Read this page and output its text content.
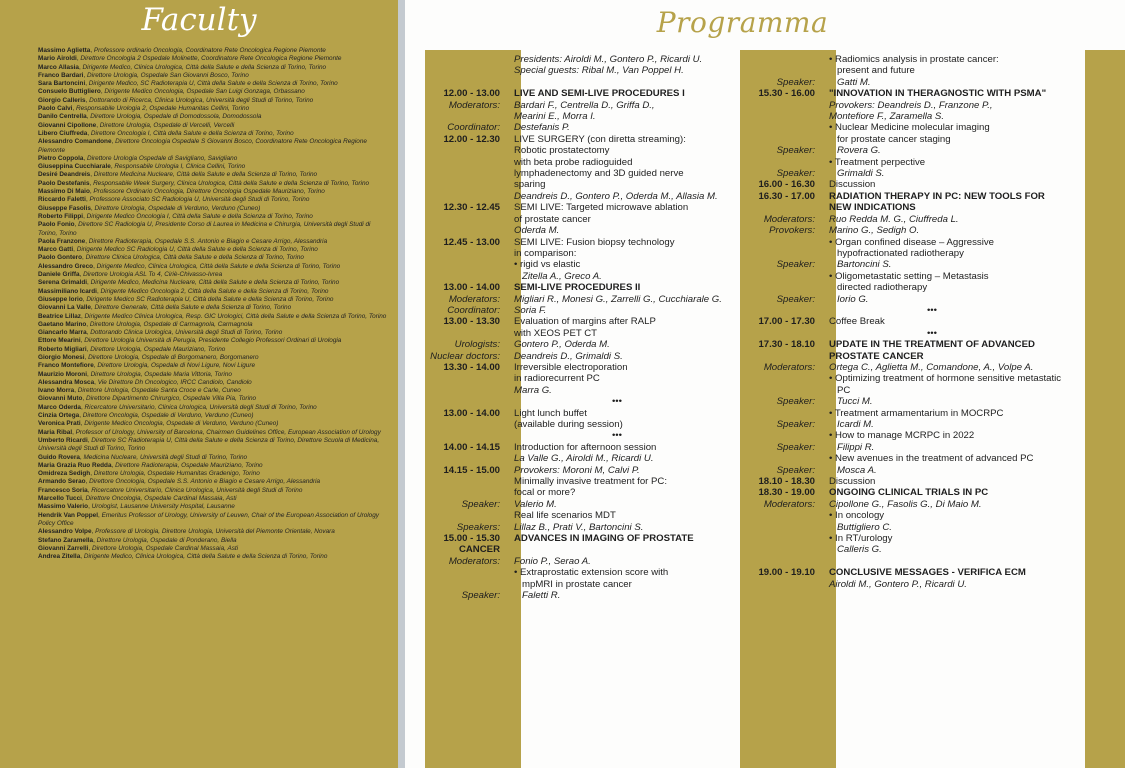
Faculty
Massimo Aglietta, Professore ordinario Oncologia, Coordinatore Rete Oncologica Regione Piemonte
Mario Airoldi, Direttore Oncologia 2 Ospedale Molinette, Coordinatore Rete Oncologica Regione Piemonte
Marco Allasia, Dirigente Medico, Clinica Urologica, Città della Salute e della Scienza di Torino, Torino
Franco Bardari, Direttore Urologia, Ospedale San Giovanni Bosco, Torino
Sara Bartoncini, Dirigente Medico, SC Radioterapia U, Città della Salute e della Scienza di Torino, Torino
Consuelo Buttigliero, Dirigente Medico Oncologia, Ospedale San Luigi Gonzaga, Orbassano
Giorgio Calleris, Dottorando di Ricerca, Clinica Urologica, Università degli Studi di Torino, Torino
Paolo Calvi, Responsabile Urologia 2, Ospedale Humanitas Cellini, Torino
Danilo Centrella, Direttore Urologia, Ospedale di Domodossola, Domodossola
Giovanni Cipollone, Direttore Urologia, Ospedale di Vercelli, Vercelli
Libero Ciuffreda, Direttore Oncologia I, Città della Salute e della Scienza di Torino, Torino
Alessandro Comandone, Direttore Oncologia Ospedale S Giovanni Bosco, Coordinatore Rete Oncologica Regione Piemonte
Pietro Coppola, Direttore Urologia Ospedale di Savigliano, Savigliano
Giuseppina Cucchiarale, Responsabile Urologia I, Clinica Cellini, Torino
Desiré Deandreis, Direttore Medicina Nucleare, Città della Salute e della Scienza di Torino, Torino
Paolo Destefanis, Responsabile Week Surgery, Clinica Urologica, Città della Salute e della Scienza di Torino, Torino
Massimo Di Maio, Professore Ordinario Oncologia, Direttore Oncologia Ospedale Mauriziano, Torino
Riccardo Faletti, Professore Associato SC Radiologia U, Università degli Studi di Torino, Torino
Giuseppe Fasolis, Direttore Urologia, Ospedale di Verduno, Verduno (Cuneo)
Roberto Filippi, Dirigente Medico Oncologia I, Città della Salute e della Scienza di Torino, Torino
Paolo Fonio, Direttore SC Radiologia U, Presidente Corso di Laurea in Medicina e Chirurgia, Università degli Studi di Torino, Torino
Paola Franzone, Direttore Radioterapia, Ospedale S.S. Antonio e Biagio e Cesare Arrigo, Alessandria
Marco Gatti, Dirigente Medico SC Radiologia U, Città della Salute e della Scienza di Torino, Torino
Paolo Gontero, Direttore Clinica Urologica, Città della Salute e della Scienza di Torino, Torino
Alessandro Greco, Dirigente Medico, Clinica Urologica, Città della Salute e della Scienza di Torino, Torino
Daniele Griffa, Direttore Urologia ASL To 4, Ciriè-Chivasso-Ivrea
Serena Grimaldi, Dirigente Medico, Medicina Nucleare, Città della Salute e della Scienza di Torino, Torino
Massimiliano Icardi, Dirigente Medico Oncologia 2, Città della Salute e della Scienza di Torino, Torino
Giuseppe Iorio, Dirigente Medico SC Radioterapia U, Città della Salute e della Scienza di Torino, Torino
Giovanni La Valle, Direttore Generale, Città della Salute e della Scienza di Torino, Torino
Beatrice Lillaz, Dirigente Medico Clinica Urologica, Resp. GIC Urologici, Città della Salute e della Scienza di Torino, Torino
Gaetano Marino, Direttore Urologia, Ospedale di Carmagnola, Carmagnola
Giancarlo Marra, Dottorando Clinica Urologica, Università degli Studi di Torino, Torino
Ettore Mearini, Direttore Urologia Università di Perugia, Presidente Collegio Professori Ordinari di Urologia
Roberto Migliari, Direttore Urologia, Ospedale Mauriziano, Torino
Giorgio Monesi, Direttore Urologia, Ospedale di Borgomanero, Borgomanero
Franco Montefiore, Direttore Urologia, Ospedale di Novi Ligure, Novi Ligure
Maurizio Moroni, Direttore Urologia, Ospedale Maria Vittoria, Torino
Alessandra Mosca, Vie Direttore Dh Oncologico, IRCC Candiolo, Candiolo
Ivano Morra, Direttore Urologia, Ospedale Santa Croce e Carle, Cuneo
Giovanni Muto, Direttore Dipartimento Chirurgico, Ospedale Villa Pia, Torino
Marco Oderda, Ricercatore Universitario, Clinica Urologica, Università degli Studi di Torino, Torino
Cinzia Ortega, Direttore Oncologia, Ospedale di Verduno, Verduno (Cuneo)
Veronica Prati, Dirigente Medico Oncologia, Ospedale di Verduno, Verduno (Cuneo)
Maria Ribal, Professor of Urology, University of Barcelona, Chairmen Guidelines Office, European Association of Urology
Umberto Ricardi, Direttore SC Radioterapia U, Città della Salute e della Scienza di Torino, Direttore Scuola di Medicina, Università degli Studi di Torino, Torino
Guido Rovera, Medicina Nucleare, Università degli Studi di Torino, Torino
Maria Grazia Ruo Redda, Direttore Radioterapia, Ospedale Mauriziano, Torino
Omidreza Sedigh, Direttore Urologia, Ospedale Humanitas Gradenigo, Torino
Armando Serao, Direttore Oncologia, Ospedale S.S. Antonio e Biagio e Cesare Arrigo, Alessandria
Francesco Soria, Ricercatore Universitario, Clinica Urologica, Università degli Studi di Torino
Marcello Tucci, Direttore Oncologia, Ospedale Cardinal Massaia, Asti
Massimo Valerio, Urologist, Lausanne University Hospital, Lausanne
Hendrik Van Poppel, Emeritus Professor of Urology, University of Leuven, Chair of the European Association of Urology Policy Office
Alessandro Volpe, Professore di Urologia, Direttore Urologia, Università del Piemonte Orientale, Novara
Stefano Zaramella, Direttore Urologia, Ospedale di Ponderano, Biella
Giovanni Zarrelli, Direttore Urologia, Ospedale Cardinal Massaia, Asti
Andrea Zitella, Dirigente Medico, Clinica Urologica, Città della Salute e della Scienza di Torino, Torino
Programma
Presidents: Airoldi M., Gontero P., Ricardi U.
Special guests: Ribal M., Van Poppel H.

12.00 - 13.00	LIVE AND SEMI-LIVE PROCEDURES I
Moderators:	Bardari F., Centrella D., Griffa D.,
Mearini E., Morra I.
Coordinator:	Destefanis P.
12.00 - 12.30	LIVE SURGERY (con diretta streaming):
Robotic prostatectomy
with beta probe radioguided
lymphadenectomy and 3D guided nerve
sparing
Deandreis D., Gontero P., Oderda M., Allasia M.
12.30 - 12.45	SEMI LIVE: Targeted microwave ablation
of prostate cancer
Oderda M.
12.45 - 13.00	SEMI LIVE: Fusion biopsy technology
in comparison:
• rigid vs elastic
Zitella A., Greco A.
13.00 - 14.00	SEMI-LIVE PROCEDURES II
Moderators:	Migliari R., Monesi G., Zarrelli G., Cucchiarale G.
Coordinator:	Soria F.
13.00 - 13.30	Evaluation of margins after RALP
with XEOS PET CT
Urologists:	Gontero P., Oderda M.
Nuclear doctors:	Deandreis D., Grimaldi S.
13.30 - 14.00	Irreversible electroporation
in radiorecurrent PC
Marra G.
•••
13.00 - 14.00	Light lunch buffet
(available during session)
•••
14.00 - 14.15	Introduction for afternoon session
La Valle G., Airoldi M., Ricardi U.
14.15 - 15.00	Provokers: Moroni M, Calvi P.
Minimally invasive treatment for PC:
focal or more?
Speaker:	Valerio M.
Real life scenarios MDT
Speakers:	Lillaz B., Prati V., Bartoncini S.
15.00 - 15.30	ADVANCES IN IMAGING OF PROSTATE
CANCER
Moderators:	Fonio P., Serao A.
• Extraprostatic extension score with
mpMRI in prostate cancer
Speaker:	Faletti R.
• Radiomics analysis in prostate cancer:
present and future
Speaker:	Gatti M.
15.30 - 16.00	"INNOVATION IN THERAGNOSTIC WITH PSMA"
Provokers: Deandreis D., Franzone P.,
Montefiore F., Zaramella S.
• Nuclear Medicine molecular imaging
for prostate cancer staging
Speaker:	Rovera G.
• Treatment perpective
Speaker:	Grimaldi S.
16.00 - 16.30	Discussion
16.30 - 17.00	RADIATION THERAPY IN PC: NEW TOOLS FOR
NEW INDICATIONS
Moderators:	Ruo Redda M. G., Ciuffreda L.
Provokers:	Marino G., Sedigh O.
• Organ confined disease – Aggressive
hypofractionated radiotherapy
Speaker:	Bartoncini S.
• Oligometastatic setting – Metastasis
directed radiotherapy
Speaker:	Iorio G.
•••
17.00 - 17.30	Coffee Break
•••
17.30 - 18.10	UPDATE IN THE TREATMENT OF ADVANCED
PROSTATE CANCER
Moderators:	Ortega C., Aglietta M., Comandone, A., Volpe A.
• Optimizing treatment of hormone sensitive metastatic PC
Speaker:	Tucci M.
• Treatment armamentarium in MOCRPC
Speaker:	Icardi M.
• How to manage MCRPC in 2022
Speaker:	Filippi R.
• New avenues in the treatment of advanced PC
Speaker:	Mosca A.
18.10 - 18.30	Discussion
18.30 - 19.00	ONGOING CLINICAL TRIALS IN PC
Moderators:	Cipollone G., Fasolis G., Di Maio M.
• In oncology
Buttigliero C.
• In RT/urology
Calleris G.

19.00 - 19.10	CONCLUSIVE MESSAGES - VERIFICA ECM
Airoldi M., Gontero P., Ricardi U.
